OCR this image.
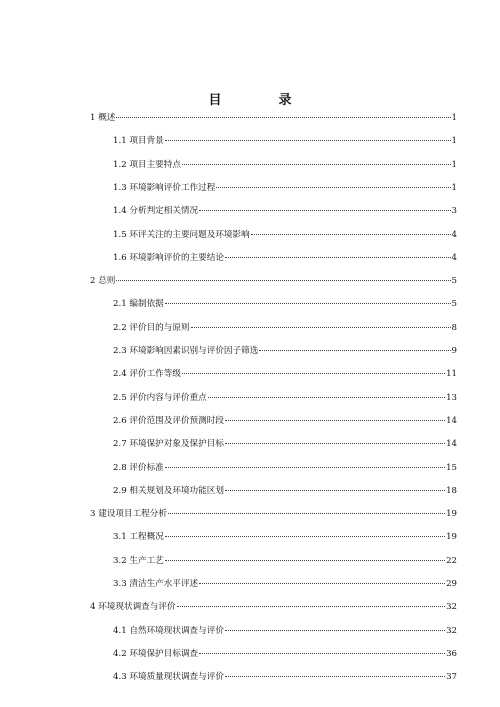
目　录
1 概述	1
1.1 项目背景	1
1.2 项目主要特点	1
1.3 环境影响评价工作过程	1
1.4 分析判定相关情况	3
1.5 环评关注的主要问题及环境影响	4
1.6 环境影响评价的主要结论	4
2 总则	5
2.1 编制依据	5
2.2 评价目的与原则	8
2.3 环境影响因素识别与评价因子筛选	9
2.4 评价工作等级	11
2.5 评价内容与评价重点	13
2.6 评价范围及评价预测时段	14
2.7 环境保护对象及保护目标	14
2.8 评价标准	15
2.9 相关规划及环境功能区划	18
3 建设项目工程分析	19
3.1 工程概况	19
3.2 生产工艺	22
3.3 清洁生产水平评述	29
4 环境现状调查与评价	32
4.1 自然环境现状调查与评价	32
4.2 环境保护目标调查	36
4.3 环境质量现状调查与评价	37
